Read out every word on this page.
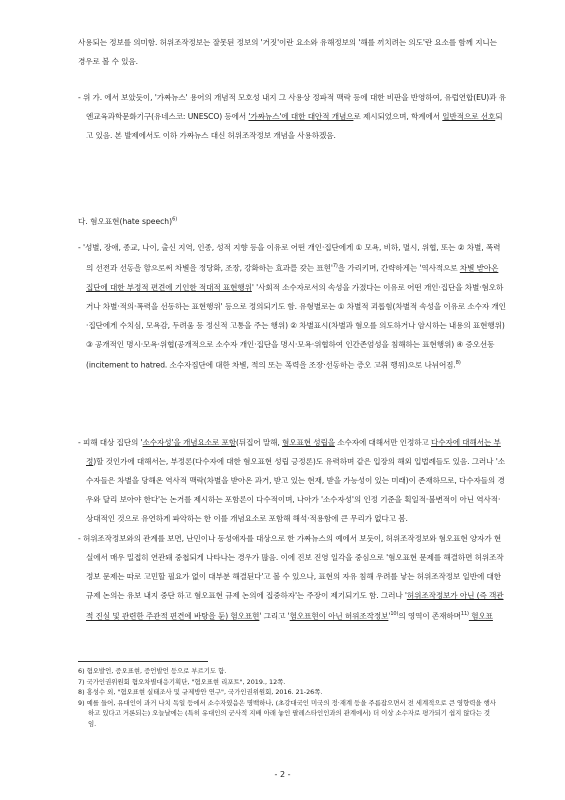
사용되는 정보를 의미함. 허위조작정보는 잘못된 정보의 '거짓'이란 요소와 유해정보의 '해를 끼치려는 의도'란 요소를 함께 지니는 경우로 볼 수 있음.
- 위 가. 에서 보았듯이, '가짜뉴스' 용어의 개념적 모호성 내지 그 사용상 정파적 맥락 등에 대한 비판을 반영하여, 유럽연합(EU)과 유엔교육과학문화기구(유네스코: UNESCO) 등에서 '가짜뉴스'에 대한 대안적 개념으로 제시되었으며, 학계에서 일반적으로 선호되고 있음. 본 발제에서도 이하 가짜뉴스 대신 허위조작정보 개념을 사용하겠음.
다. 혐오표현(hate speech)$^{6)}$
- '성별, 장애, 종교, 나이, 출신 지역, 인종, 성적 지향 등을 이유로 어떤 개인·집단에게 ① 모욕, 비하, 멸시, 위협, 또는 ② 차별, 폭력의 선전과 선동을 함으로써 차별을 정당화, 조장, 강화하는 효과를 갖는 표현'$^{7)}$을 가리키며, 간략하게는 '역사적으로 차별 받아온 집단에 대한 부정적 편견에 기인한 적대적 표현행위' '사회적 소수자로서의 속성을 가졌다는 이유로 어떤 개인·집단을 차별·혐오하거나 차별·적의·폭력을 선동하는 표현행위' 등으로 정의되기도 함. 유형별로는 ① 차별적 괴롭힘(차별적 속성을 이유로 소수자 개인·집단에게 수치심, 모욕감, 두려움 등 정신적 고통을 주는 행위) ② 차별표시(차별과 혐오를 의도하거나 암시하는 내용의 표현행위) ③ 공개적인 명시·모욕·위협(공개적으로 소수자 개인·집단을 명시·모욕·위협하여 인간존엄성을 침해하는 표현행위) ④ 증오선동(incitement to hatred. 소수자집단에 대한 차별, 적의 또는 폭력을 조장·선동하는 증오 고취 행위)으로 나뉘어짐.$^{8)}$
- 피해 대상 집단의 '소수자성'을 개념요소로 포함(뒤집어 말해, 혐오표현 성립을 소수자에 대해서만 인정하고 다수자에 대해서는 부정)할 것인가에 대해서는, 부정론(다수자에 대한 혐오표현 성립 긍정론)도 유력하며 같은 입장의 해외 입법례들도 있음. 그러나 '소수자들은 차별을 당해온 역사적 맥락(차별을 받아온 과거, 받고 있는 현재, 받을 가능성이 있는 미래)이 존재하므로, 다수자들의 경우와 달리 보아야 한다'는 논거를 제시하는 포함론이 다수적이며, 나아가 '소수자성'의 인정 기준을 획일적·불변적이 아닌 역사적·상대적인 것으로 유연하게 파악하는 한 이를 개념요소로 포함해 해석·적용함에 큰 무리가 없다고 봄.
- 허위조작정보와의 관계를 보면, 난민이나 동성애자를 대상으로 한 가짜뉴스의 예에서 보듯이, 허위조작정보와 혐오표현 양자가 현실에서 매우 밀접히 연관돼 중첩되게 나타나는 경우가 많음. 이에 진보 진영 일각을 중심으로 '혐오표현 문제를 해결하면 허위조작정보 문제는 따로 고민할 필요가 없이 대부분 해결된다'고 볼 수 있으나, 표현의 자유 침해 우려를 낳는 허위조작정보 일반에 대한 규제 논의는 유보 내지 중단 하고 혐오표현 규제 논의에 집중하자'는 주장이 제기되기도 함. 그러나 '허위조작정보가 아닌 (즉 객관적 진실 및 관련한 주관적 편견에 바탕을 둔) 혐오표현' 그리고 '혐오표현이 아닌 허위조작정보'$^{10)}$의 영역이 존재하며$^{11)}$ 혐오표
6) 혐오발언, 증오표현, 증언발언 등으로 부르기도 함.
7) 국가인권위원회 혐오차별대응기획단, "혐오표현 리포트", 2019., 12쪽.
8) 홍성수 외, "혐오표현 실태조사 및 규제방안 연구", 국가인권위원회, 2016. 21-26쪽.
9) 예를 들어, 유대인이 과거 나치 독일 등에서 소수자였음은 명백하나, (초강대국인 미국의 정·재계 등을 주름잡으면서 전 세계적으로 큰 영향력을 행사하고 있다고 거론되는) 오늘날에는 (특히 유대인의 군사적 지배 아래 놓인 팔레스타인인과의 관계에서) 더 이상 소수자로 평가되기 쉽지 않다는 것임.
- 2 -
